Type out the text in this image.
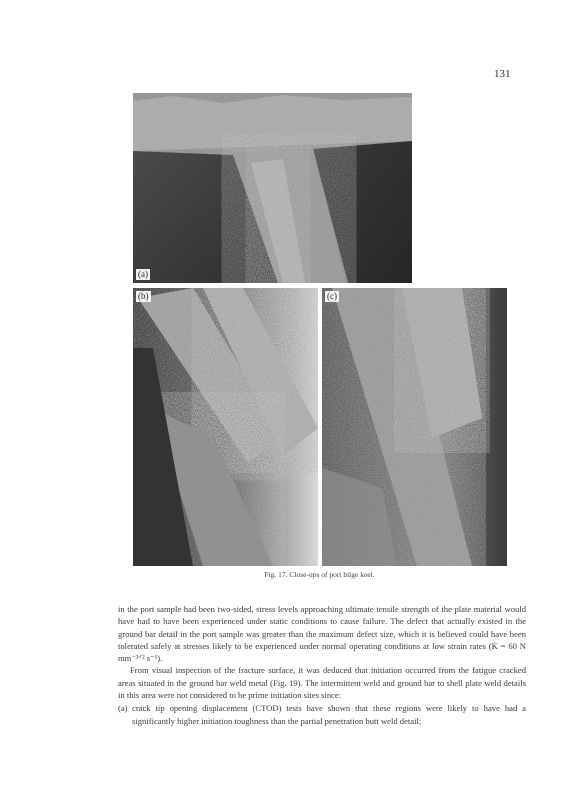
131
(a)
(b)	(c)
Fig. 17. Close-ups of port bilge keel.

in the port sample had been two-sided, stress levels approaching ultimate tensile strength of the plate material would have had to have been experienced under static conditions to cause failure. The defect that actually existed in the ground bar detail in the port sample was greater than the maximum defect size, which it is believed could have been tolerated safely at stresses likely to be experienced under normal operating conditions at low strain rates (K̇ = 60 N mm⁻³ᐟ² s⁻¹).

From visual inspection of the fracture surface, it was deduced that initiation occurred from the fatigue cracked areas situated in the ground bar weld metal (Fig. 19). The intermittent weld and ground bar to shell plate weld details in this area were not considered to be prime initiation sites since:

(a) crack tip opening displacement (CTOD) tests have shown that these regions were likely to have had a significantly higher initiation toughness than the partial penetration butt weld detail;
